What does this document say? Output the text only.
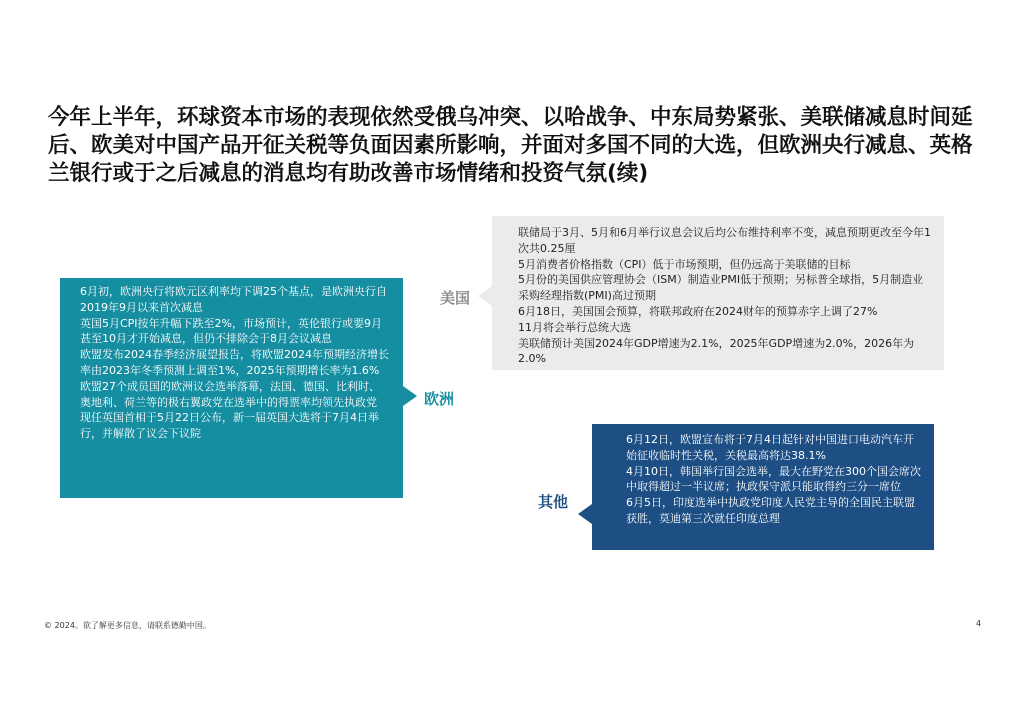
今年上半年，环球资本市场的表现依然受俄乌冲突、以哈战争、中东局势紧张、美联储减息时间延后、欧美对中国产品开征关税等负面因素所影响，并面对多国不同的大选，但欧洲央行减息、英格兰银行或于之后减息的消息均有助改善市场情绪和投资气氛(续)
联储局于3月、5月和6月举行议息会议后均公布维持利率不变，减息预期更改至今年1次共0.25厘
5月消费者价格指数（CPI）低于市场预期，但仍远高于美联储的目标
5月份的美国供应管理协会（ISM）制造业PMI低于预期；另标普全球指，5月制造业采购经理指数(PMI)高过预期
6月18日，美国国会预算，将联邦政府在2024财年的预算赤字上调了27%
11月将会举行总统大选
美联储预计美国2024年GDP增速为2.1%，2025年GDP增速为2.0%，2026年为2.0%
美国
6月初，欧洲央行将欧元区利率均下调25个基点，是欧洲央行自2019年9月以来首次减息
英国5月CPI按年升幅下跌至2%，市场预计，英伦银行或要9月甚至10月才开始减息，但仍不排除会于8月会议减息
欧盟发布2024春季经济展望报告，将欧盟2024年预期经济增长率由2023年冬季预测上调至1%，2025年预期增长率为1.6%
欧盟27个成员国的欧洲议会选举落幕，法国、德国、比利时、奥地利、荷兰等的极右翼政党在选举中的得票率均领先执政党
现任英国首相于5月22日公布，新一届英国大选将于7月4日举行，并解散了议会下议院
欧洲
6月12日，欧盟宣布将于7月4日起针对中国进口电动汽车开始征收临时性关税，关税最高将达38.1%
4月10日，韩国举行国会选举，最大在野党在300个国会席次中取得超过一半议席；执政保守派只能取得约三分一席位
6月5日，印度选举中执政党印度人民党主导的全国民主联盟获胜，莫迪第三次就任印度总理
其他
© 2024。欲了解更多信息，请联系德勤中国。	4
